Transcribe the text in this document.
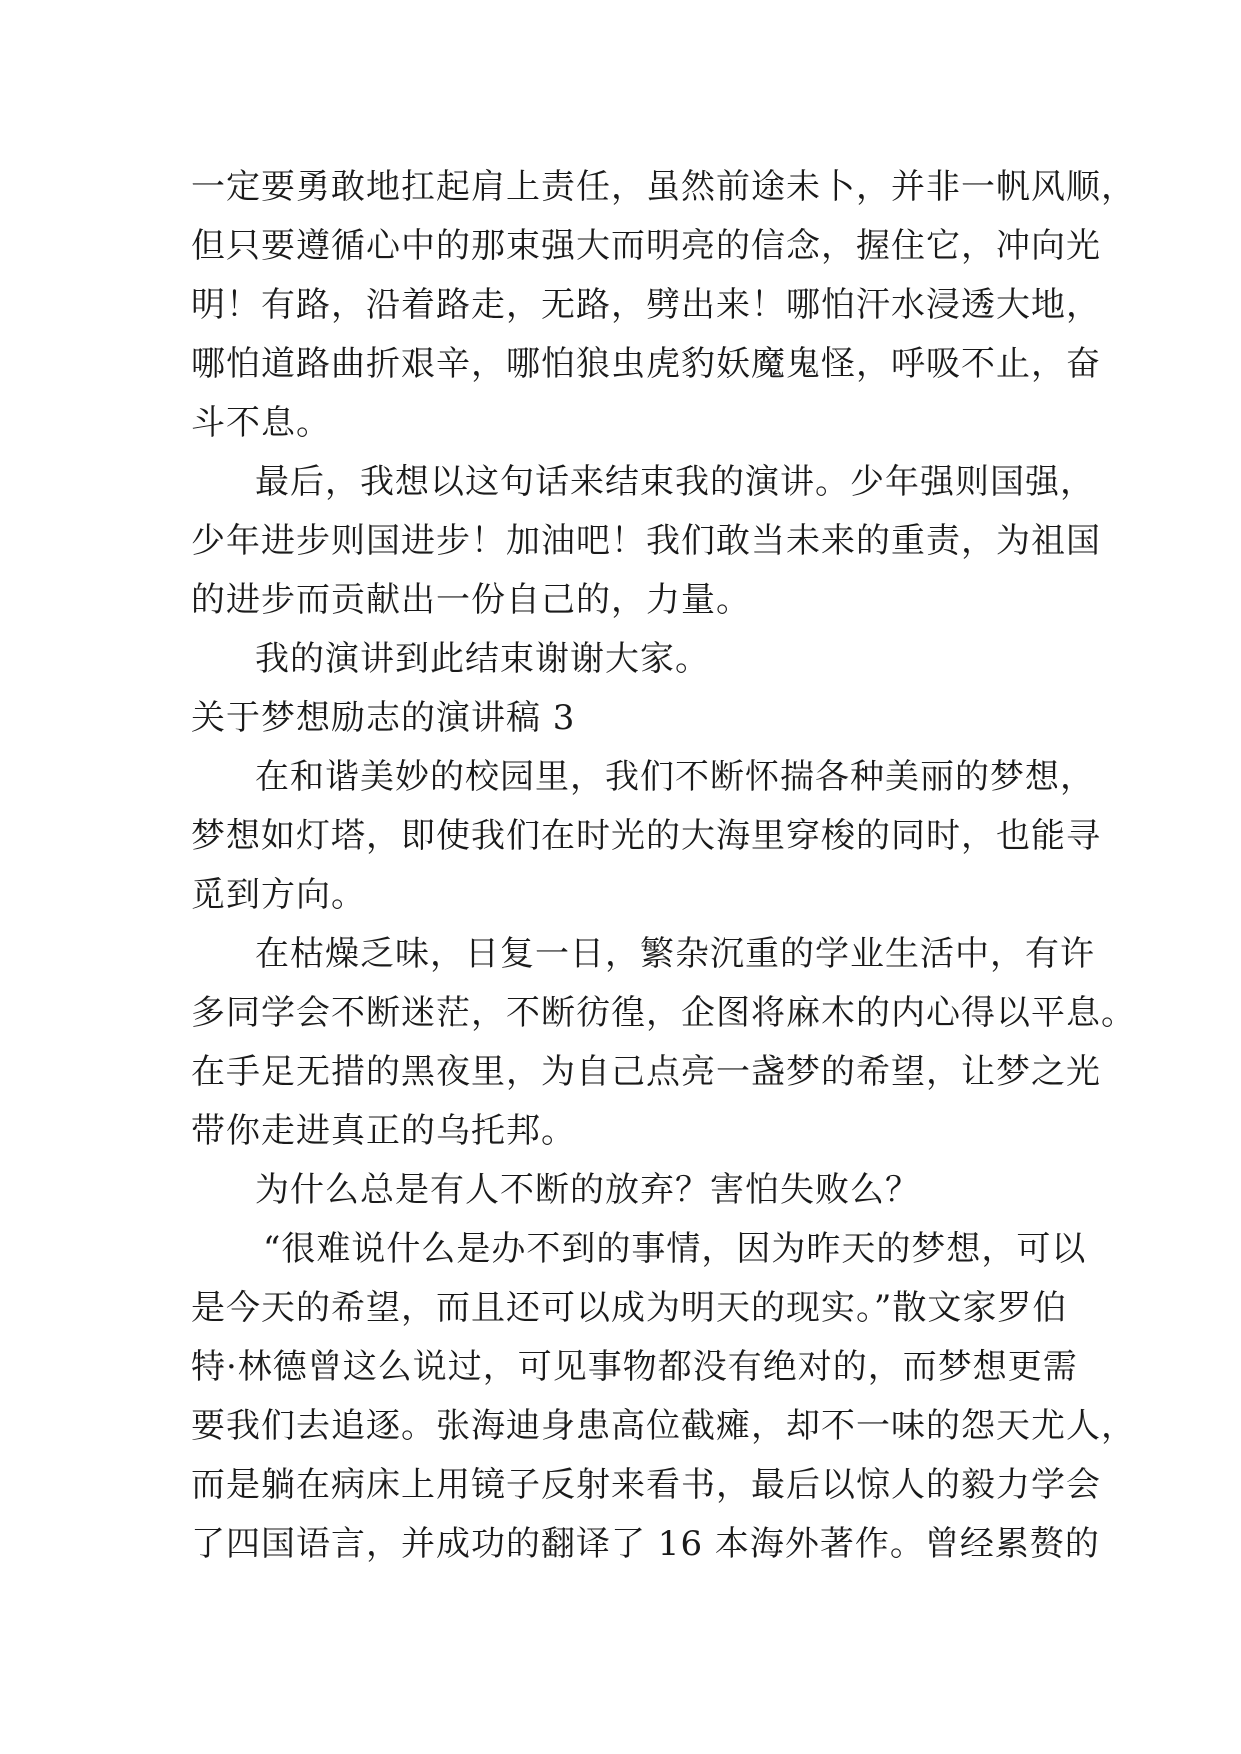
一定要勇敢地扛起肩上责任，虽然前途未卜，并非一帆风顺，
但只要遵循心中的那束强大而明亮的信念，握住它，冲向光
明！有路，沿着路走，无路，劈出来！哪怕汗水浸透大地，
哪怕道路曲折艰辛，哪怕狼虫虎豹妖魔鬼怪，呼吸不止，奋
斗不息。
最后，我想以这句话来结束我的演讲。少年强则国强，
少年进步则国进步！加油吧！我们敢当未来的重责，为祖国
的进步而贡献出一份自己的，力量。
我的演讲到此结束谢谢大家。
关于梦想励志的演讲稿 3
在和谐美妙的校园里，我们不断怀揣各种美丽的梦想，
梦想如灯塔，即使我们在时光的大海里穿梭的同时，也能寻
觅到方向。
在枯燥乏味，日复一日，繁杂沉重的学业生活中，有许
多同学会不断迷茫，不断彷徨，企图将麻木的内心得以平息。
在手足无措的黑夜里，为自己点亮一盏梦的希望，让梦之光
带你走进真正的乌托邦。
为什么总是有人不断的放弃？害怕失败么？
“很难说什么是办不到的事情，因为昨天的梦想，可以
是今天的希望，而且还可以成为明天的现实。”散文家罗伯
特·林德曾这么说过，可见事物都没有绝对的，而梦想更需
要我们去追逐。张海迪身患高位截瘫，却不一味的怨天尤人，
而是躺在病床上用镜子反射来看书，最后以惊人的毅力学会
了四国语言，并成功的翻译了 16 本海外著作。曾经累赘的
